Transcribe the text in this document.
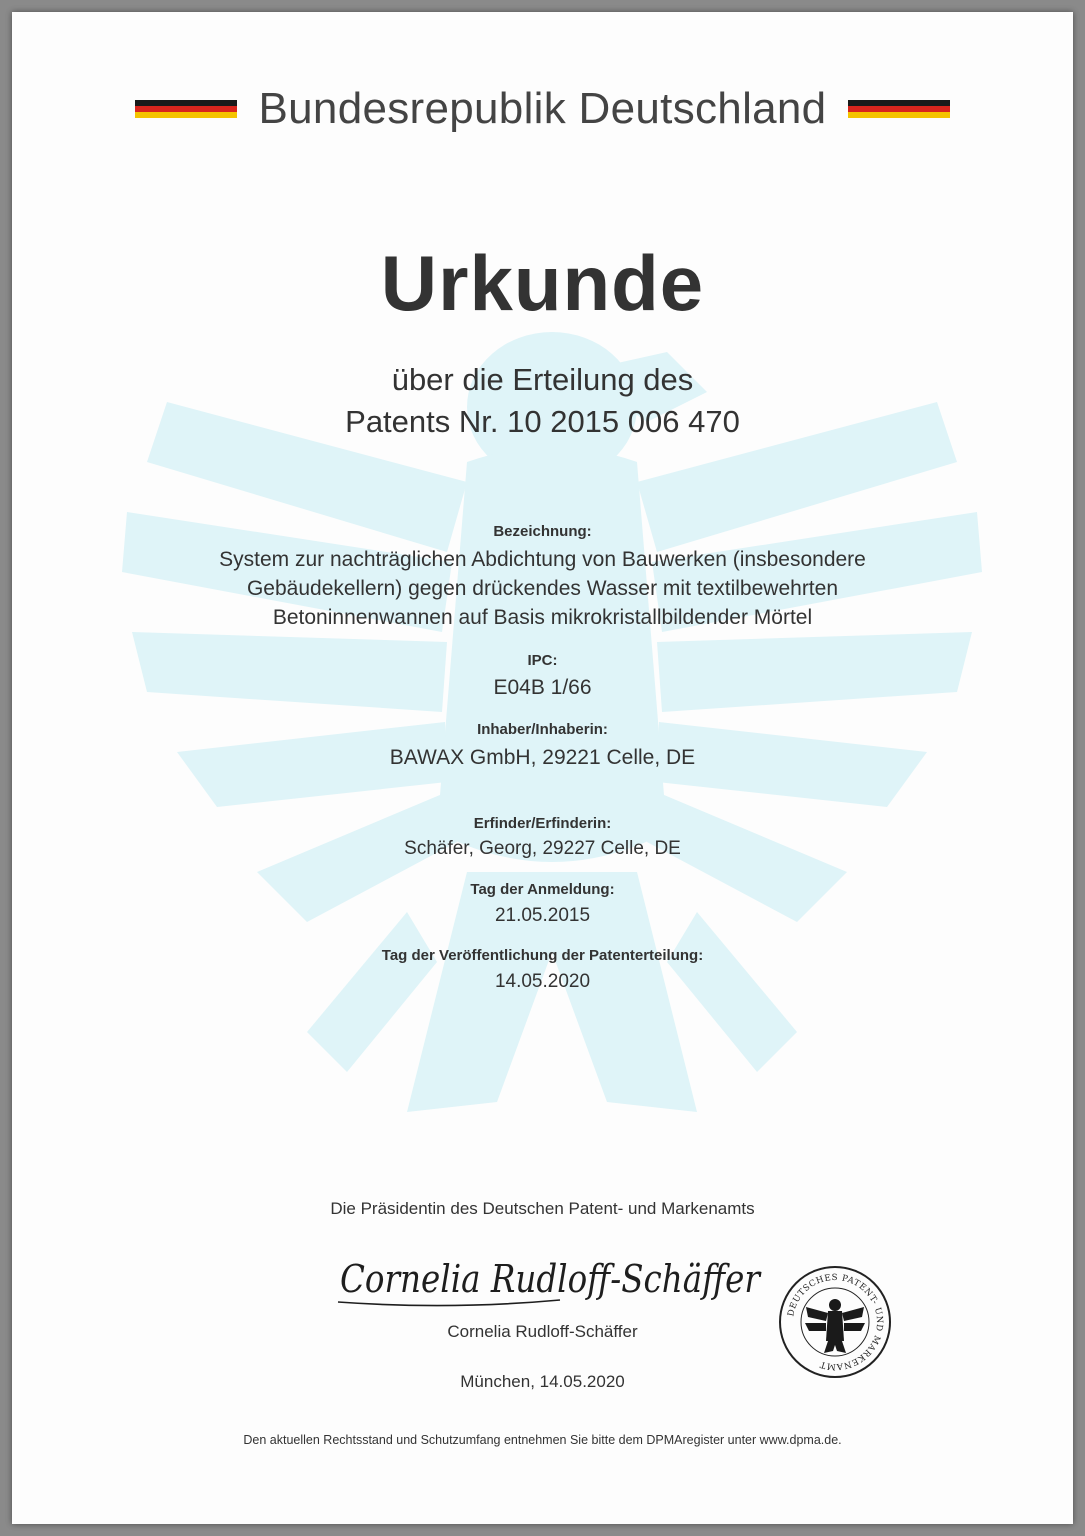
Bundesrepublik Deutschland
Urkunde
über die Erteilung des
Patents Nr. 10 2015 006 470
Bezeichnung:
System zur nachträglichen Abdichtung von Bauwerken (insbesondere
Gebäudekellern) gegen drückendes Wasser mit textilbewehrten
Betoninnenwannen auf Basis mikrokristallbildender Mörtel
IPC:
E04B 1/66
Inhaber/Inhaberin:
BAWAX GmbH, 29221 Celle, DE
Erfinder/Erfinderin:
Schäfer, Georg, 29227 Celle, DE
Tag der Anmeldung:
21.05.2015
Tag der Veröffentlichung der Patenterteilung:
14.05.2020
Die Präsidentin des Deutschen Patent- und Markenamts
Cornelia Rudloff-Schäffer
Cornelia Rudloff-Schäffer
DEUTSCHES PATENT- UND MARKENAMT
München, 14.05.2020
Den aktuellen Rechtsstand und Schutzumfang entnehmen Sie bitte dem DPMAregister unter www.dpma.de.
